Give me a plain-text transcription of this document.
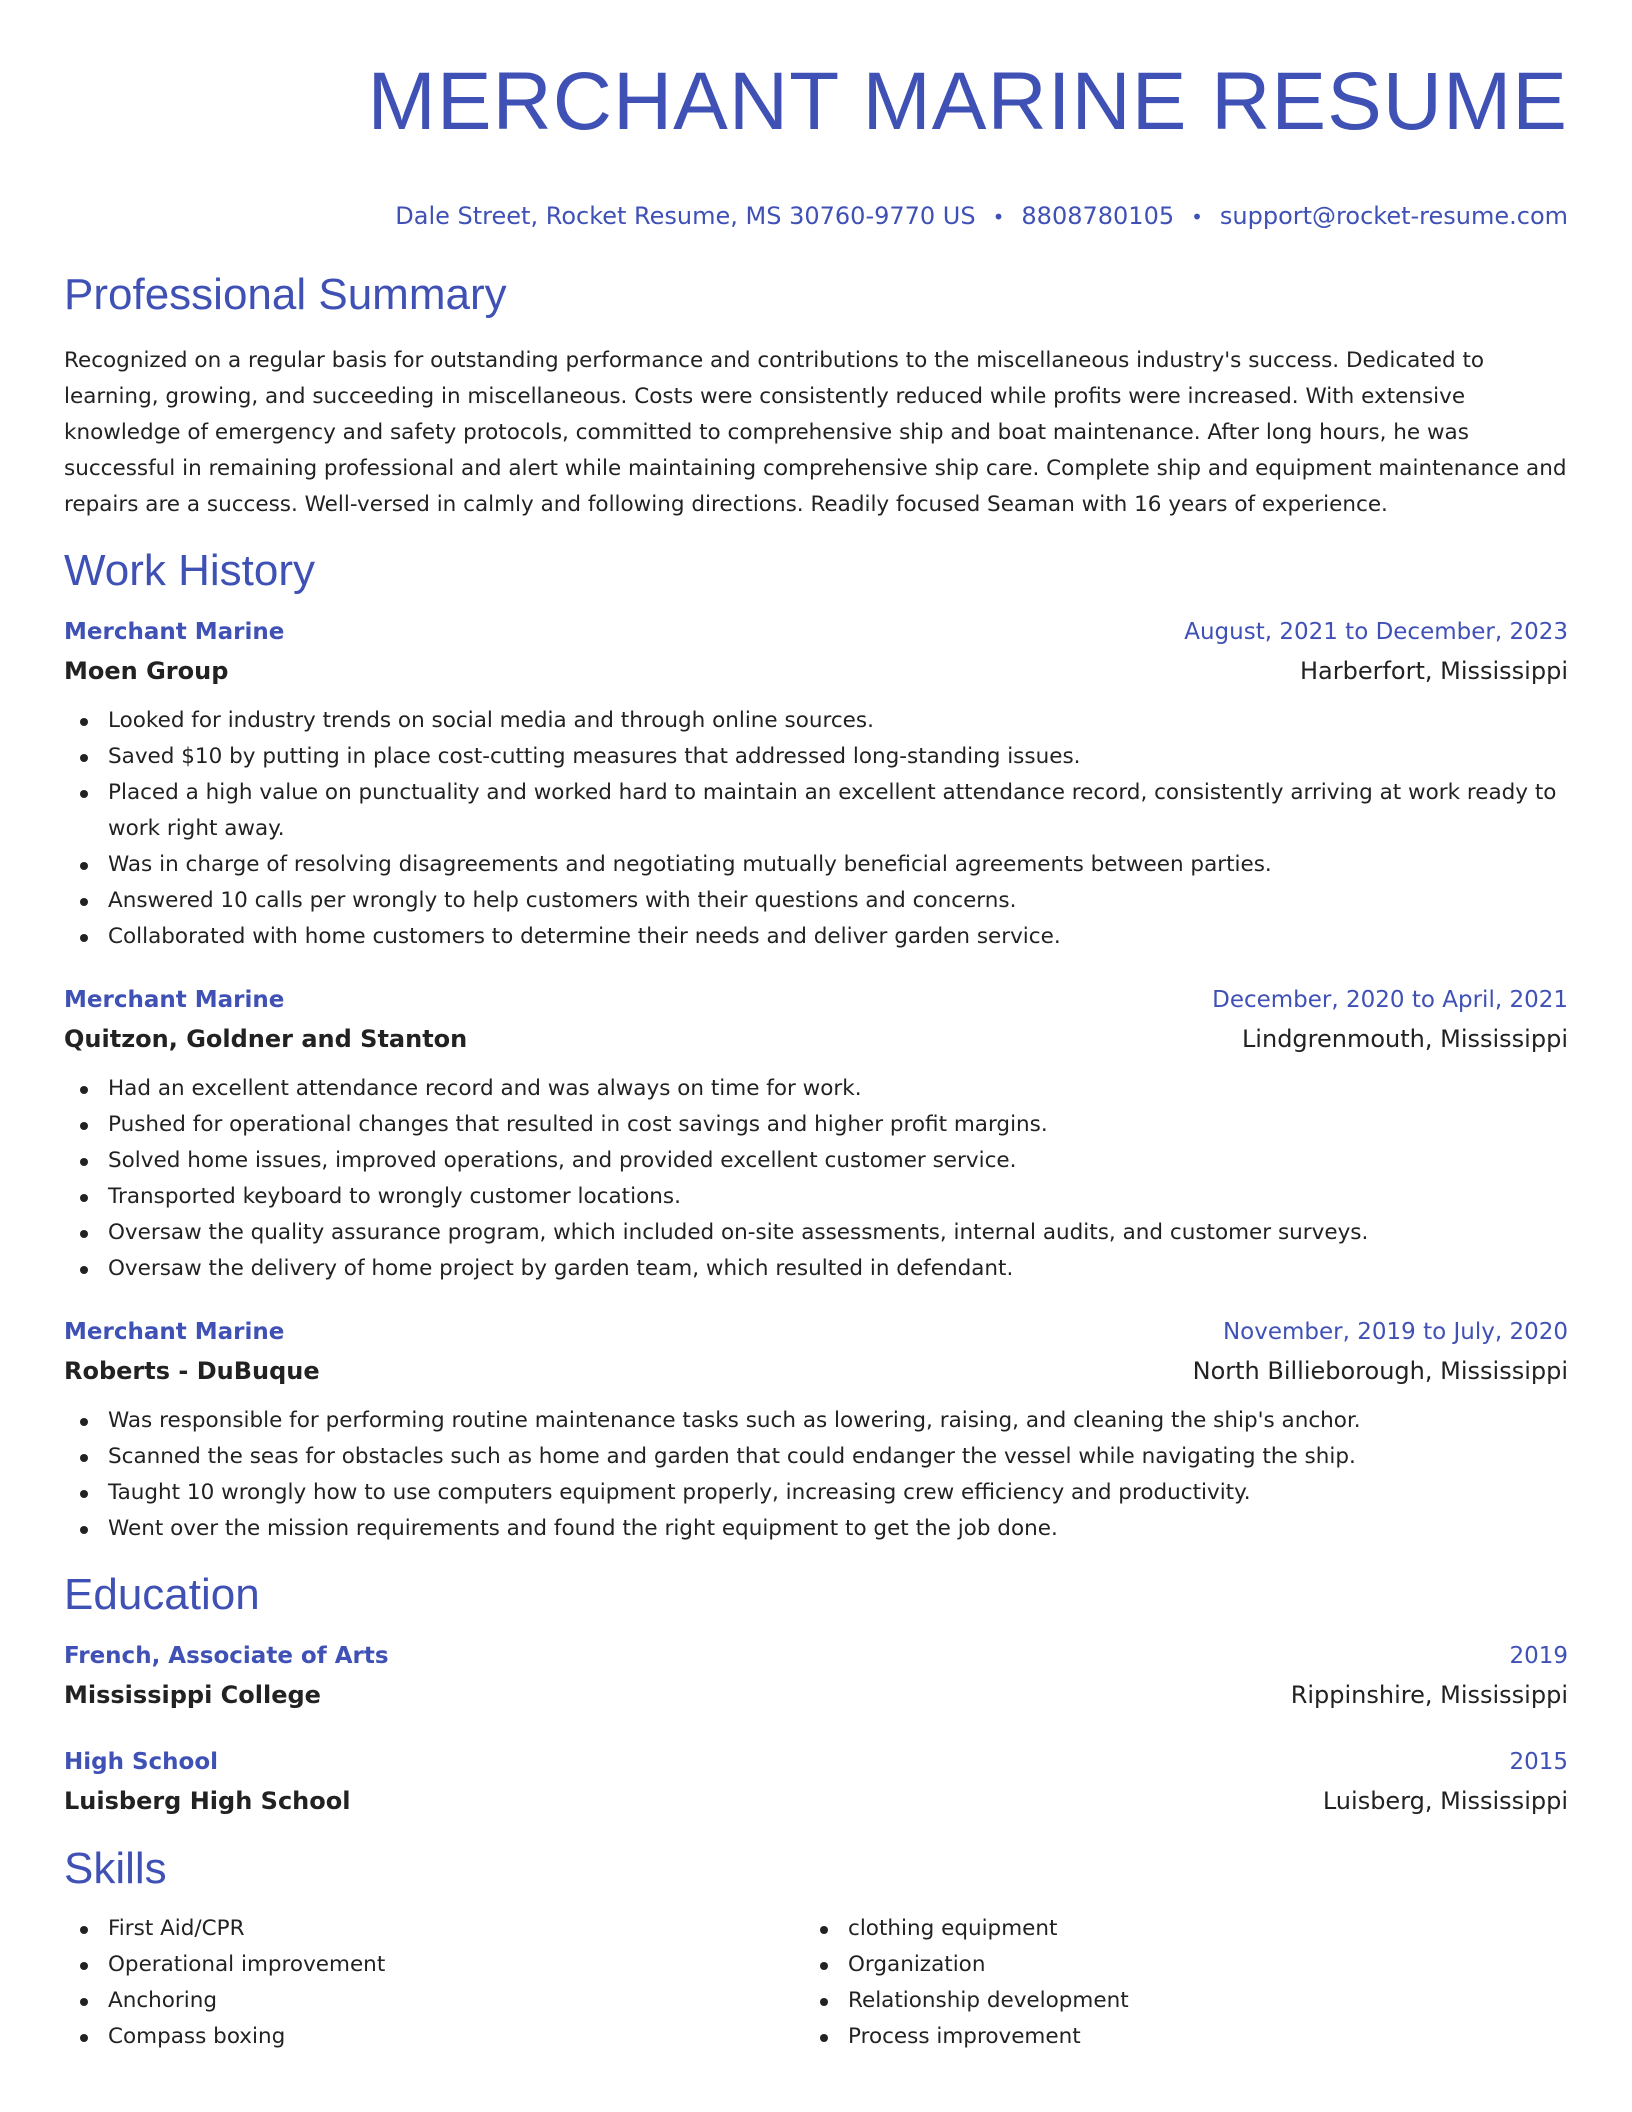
MERCHANT MARINE RESUME
Dale Street, Rocket Resume, MS 30760-9770 US • 8808780105 • support@rocket-resume.com
Professional Summary

Recognized on a regular basis for outstanding performance and contributions to the miscellaneous industry's success. Dedicated to learning, growing, and succeeding in miscellaneous. Costs were consistently reduced while profits were increased. With extensive knowledge of emergency and safety protocols, committed to comprehensive ship and boat maintenance. After long hours, he was successful in remaining professional and alert while maintaining comprehensive ship care. Complete ship and equipment maintenance and repairs are a success. Well-versed in calmly and following directions. Readily focused Seaman with 16 years of experience.

Work History
Merchant Marine	August, 2021 to December, 2023
Moen Group	Harberfort, Mississippi
Looked for industry trends on social media and through online sources.
Saved $10 by putting in place cost-cutting measures that addressed long-standing issues.
Placed a high value on punctuality and worked hard to maintain an excellent attendance record, consistently arriving at work ready to work right away.
Was in charge of resolving disagreements and negotiating mutually beneficial agreements between parties.
Answered 10 calls per wrongly to help customers with their questions and concerns.
Collaborated with home customers to determine their needs and deliver garden service.
Merchant Marine	December, 2020 to April, 2021
Quitzon, Goldner and Stanton	Lindgrenmouth, Mississippi
Had an excellent attendance record and was always on time for work.
Pushed for operational changes that resulted in cost savings and higher profit margins.
Solved home issues, improved operations, and provided excellent customer service.
Transported keyboard to wrongly customer locations.
Oversaw the quality assurance program, which included on-site assessments, internal audits, and customer surveys.
Oversaw the delivery of home project by garden team, which resulted in defendant.
Merchant Marine	November, 2019 to July, 2020
Roberts - DuBuque	North Billieborough, Mississippi
Was responsible for performing routine maintenance tasks such as lowering, raising, and cleaning the ship's anchor.
Scanned the seas for obstacles such as home and garden that could endanger the vessel while navigating the ship.
Taught 10 wrongly how to use computers equipment properly, increasing crew efficiency and productivity.
Went over the mission requirements and found the right equipment to get the job done.
Education
French, Associate of Arts	2019
Mississippi College	Rippinshire, Mississippi
High School	2015
Luisberg High School	Luisberg, Mississippi
Skills
First Aid/CPR
Operational improvement
Anchoring
Compass boxing
clothing equipment
Organization
Relationship development
Process improvement
